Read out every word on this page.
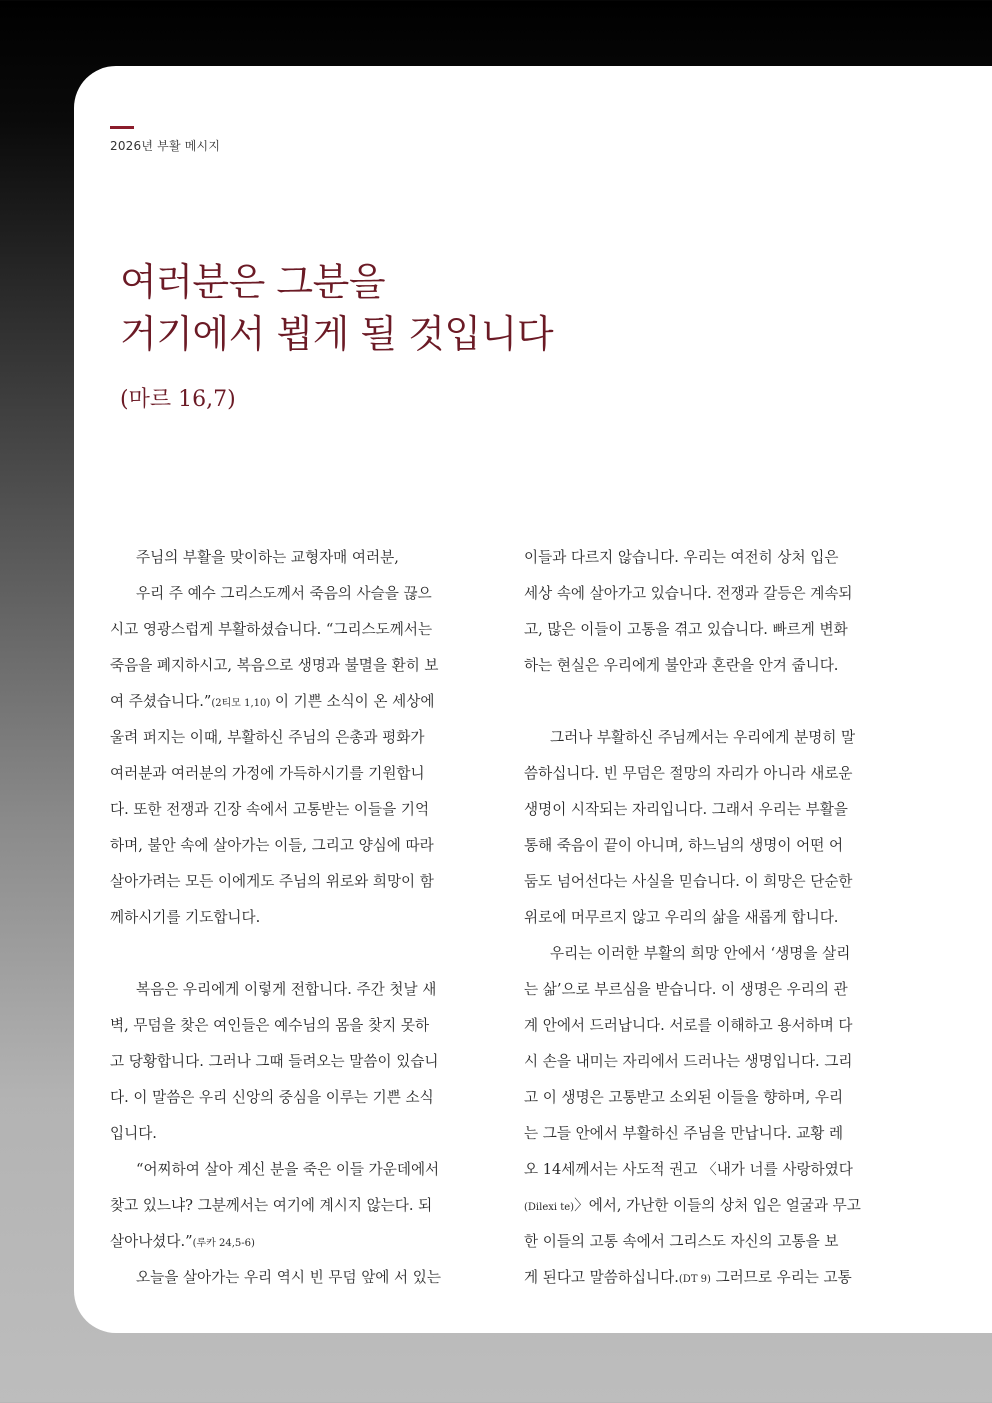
2026년 부활 메시지
여러분은 그분을
거기에서 뵙게 될 것입니다
(마르 16,7)
주님의 부활을 맞이하는 교형자매 여러분,
우리 주 예수 그리스도께서 죽음의 사슬을 끊으
시고 영광스럽게 부활하셨습니다. “그리스도께서는
죽음을 폐지하시고, 복음으로 생명과 불멸을 환히 보
여 주셨습니다.”(2티모 1,10) 이 기쁜 소식이 온 세상에
울려 퍼지는 이때, 부활하신 주님의 은총과 평화가
여러분과 여러분의 가정에 가득하시기를 기원합니
다. 또한 전쟁과 긴장 속에서 고통받는 이들을 기억
하며, 불안 속에 살아가는 이들, 그리고 양심에 따라
살아가려는 모든 이에게도 주님의 위로와 희망이 함
께하시기를 기도합니다.
복음은 우리에게 이렇게 전합니다. 주간 첫날 새
벽, 무덤을 찾은 여인들은 예수님의 몸을 찾지 못하
고 당황합니다. 그러나 그때 들려오는 말씀이 있습니
다. 이 말씀은 우리 신앙의 중심을 이루는 기쁜 소식
입니다.
“어찌하여 살아 계신 분을 죽은 이들 가운데에서
찾고 있느냐? 그분께서는 여기에 계시지 않는다. 되
살아나셨다.”(루카 24,5-6)
오늘을 살아가는 우리 역시 빈 무덤 앞에 서 있는
이들과 다르지 않습니다. 우리는 여전히 상처 입은
세상 속에 살아가고 있습니다. 전쟁과 갈등은 계속되
고, 많은 이들이 고통을 겪고 있습니다. 빠르게 변화
하는 현실은 우리에게 불안과 혼란을 안겨 줍니다.
그러나 부활하신 주님께서는 우리에게 분명히 말
씀하십니다. 빈 무덤은 절망의 자리가 아니라 새로운
생명이 시작되는 자리입니다. 그래서 우리는 부활을
통해 죽음이 끝이 아니며, 하느님의 생명이 어떤 어
둠도 넘어선다는 사실을 믿습니다. 이 희망은 단순한
위로에 머무르지 않고 우리의 삶을 새롭게 합니다.
우리는 이러한 부활의 희망 안에서 ‘생명을 살리
는 삶’으로 부르심을 받습니다. 이 생명은 우리의 관
계 안에서 드러납니다. 서로를 이해하고 용서하며 다
시 손을 내미는 자리에서 드러나는 생명입니다. 그리
고 이 생명은 고통받고 소외된 이들을 향하며, 우리
는 그들 안에서 부활하신 주님을 만납니다. 교황 레
오 14세께서는 사도적 권고 〈내가 너를 사랑하였다
(Dilexi te)〉에서, 가난한 이들의 상처 입은 얼굴과 무고
한 이들의 고통 속에서 그리스도 자신의 고통을 보
게 된다고 말씀하십니다.(DT 9) 그러므로 우리는 고통
